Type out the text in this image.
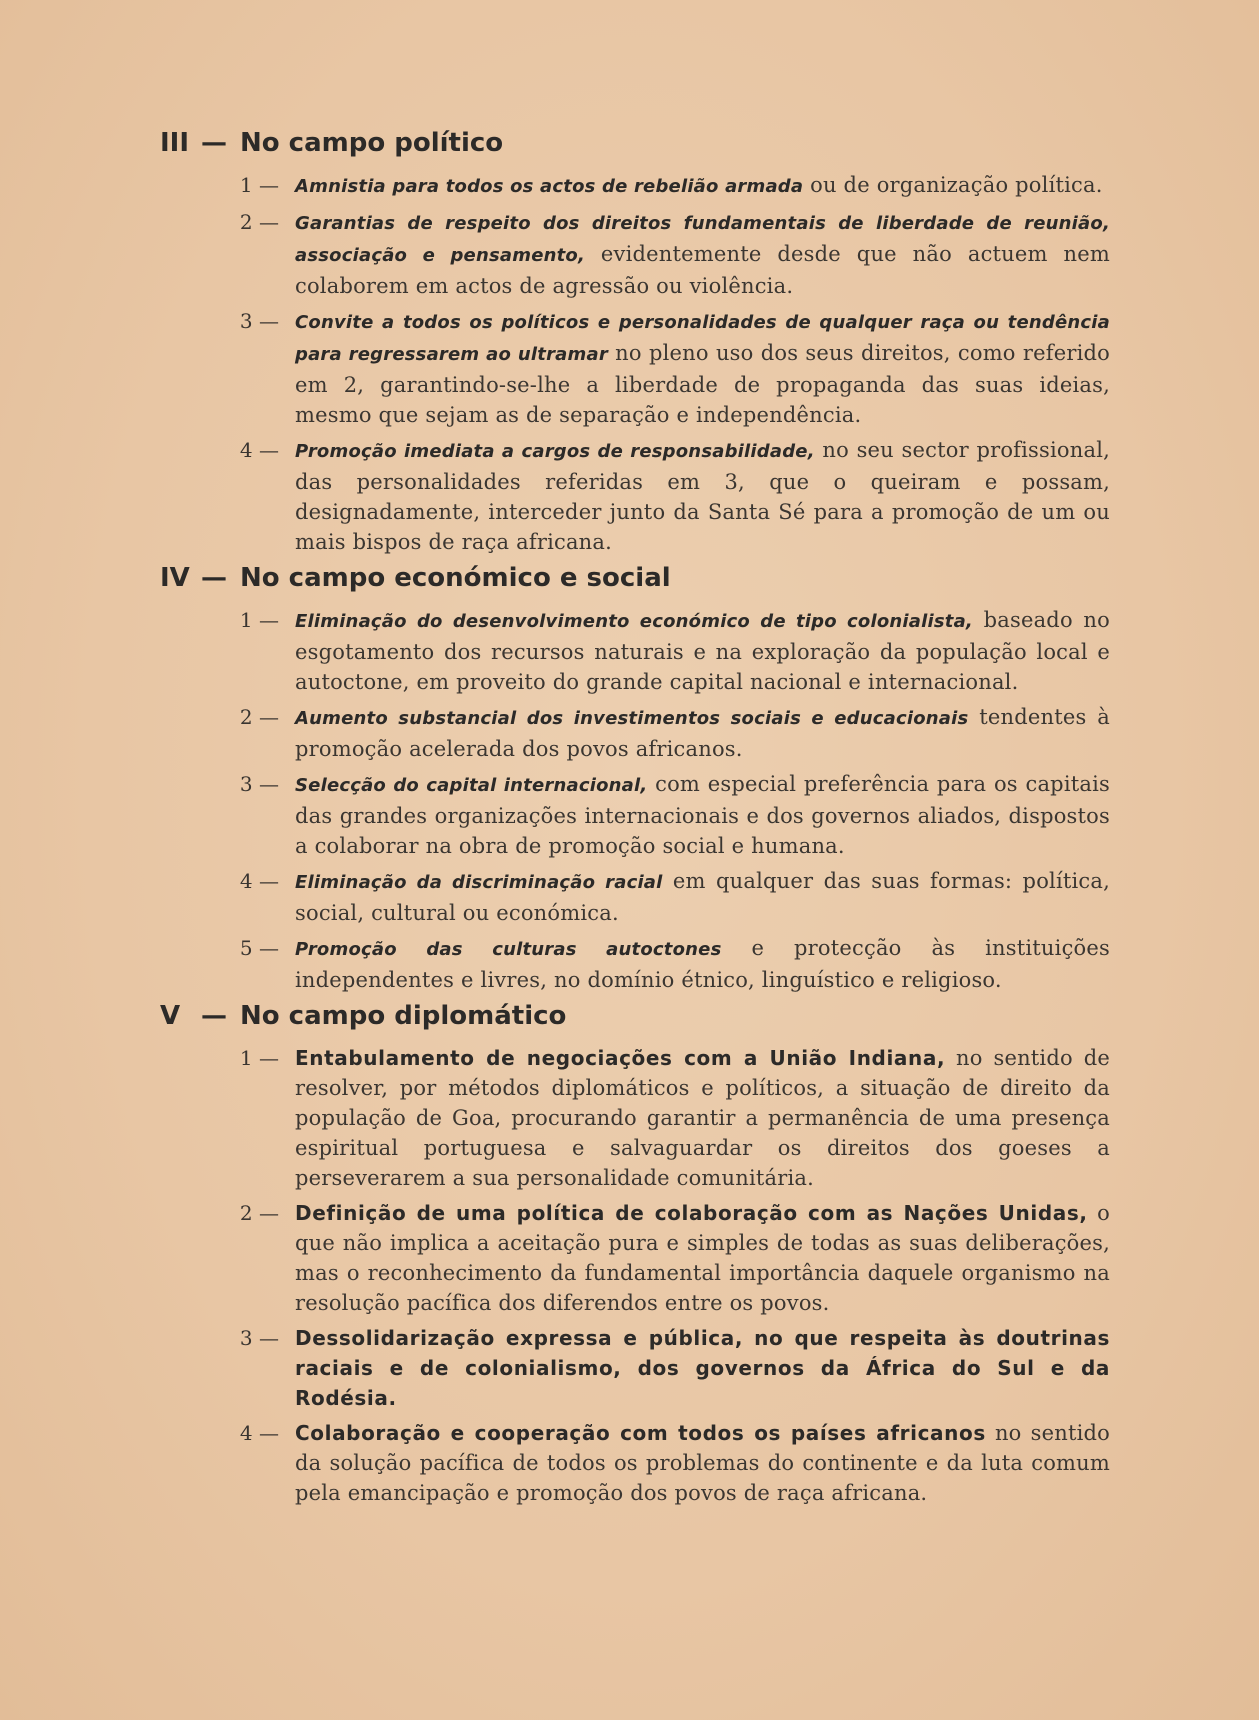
III — No campo político
1 — Amnistia para todos os actos de rebelião armada ou de organização política.
2 — Garantias de respeito dos direitos fundamentais de liberdade de reunião, associação e pensamento, evidentemente desde que não actuem nem colaborem em actos de agressão ou violência.
3 — Convite a todos os políticos e personalidades de qualquer raça ou tendência para regressarem ao ultramar no pleno uso dos seus direitos, como referido em 2, garantindo-se-lhe a liberdade de propaganda das suas ideias, mesmo que sejam as de separação e independência.
4 — Promoção imediata a cargos de responsabilidade, no seu sector profissional, das personalidades referidas em 3, que o queiram e possam, designadamente, interceder junto da Santa Sé para a promoção de um ou mais bispos de raça africana.
IV — No campo económico e social
1 — Eliminação do desenvolvimento económico de tipo colonialista, baseado no esgotamento dos recursos naturais e na exploração da população local e autoctone, em proveito do grande capital nacional e internacional.
2 — Aumento substancial dos investimentos sociais e educacionais tendentes à promoção acelerada dos povos africanos.
3 — Selecção do capital internacional, com especial preferência para os capitais das grandes organizações internacionais e dos governos aliados, dispostos a colaborar na obra de promoção social e humana.
4 — Eliminação da discriminação racial em qualquer das suas formas: política, social, cultural ou económica.
5 — Promoção das culturas autoctones e protecção às instituições independentes e livres, no domínio étnico, linguístico e religioso.
V — No campo diplomático
1 — Entabulamento de negociações com a União Indiana, no sentido de resolver, por métodos diplomáticos e políticos, a situação de direito da população de Goa, procurando garantir a permanência de uma presença espiritual portuguesa e salvaguardar os direitos dos goeses a perseverarem a sua personalidade comunitária.
2 — Definição de uma política de colaboração com as Nações Unidas, o que não implica a aceitação pura e simples de todas as suas deliberações, mas o reconhecimento da fundamental importância daquele organismo na resolução pacífica dos diferendos entre os povos.
3 — Dessolidarização expressa e pública, no que respeita às doutrinas raciais e de colonialismo, dos governos da África do Sul e da Rodésia.
4 — Colaboração e cooperação com todos os países africanos no sentido da solução pacífica de todos os problemas do continente e da luta comum pela emancipação e promoção dos povos de raça africana.
